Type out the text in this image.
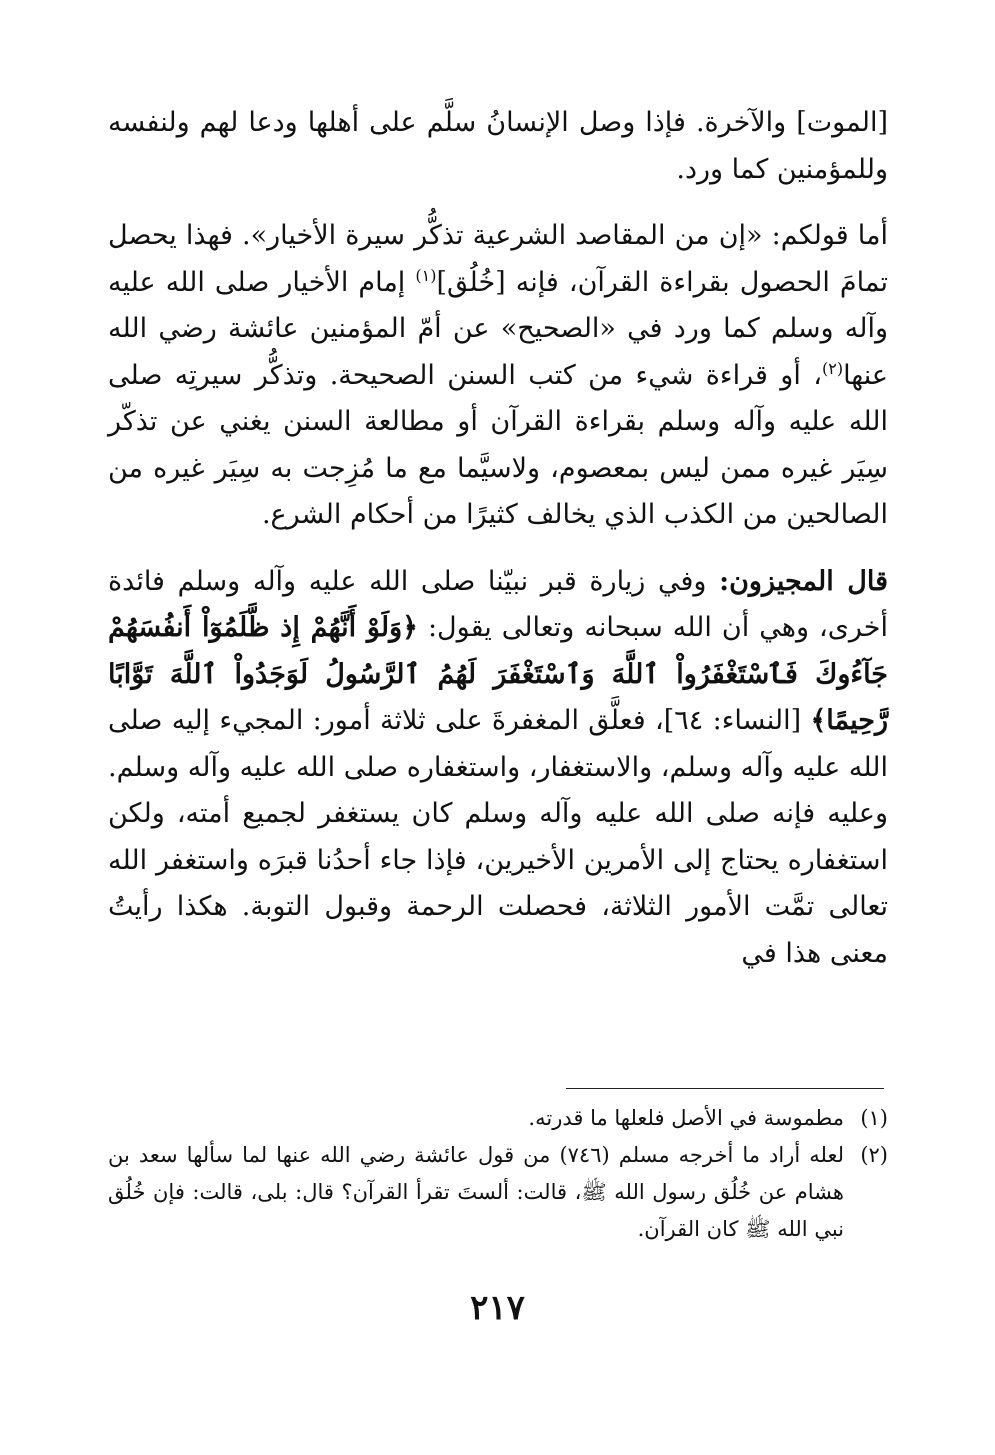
[الموت] والآخرة. فإذا وصل الإنسانُ سلَّم على أهلها ودعا لهم ولنفسه وللمؤمنين كما ورد.

أما قولكم: «إن من المقاصد الشرعية تذكُّر سيرة الأخيار». فهذا يحصل تمامَ الحصول بقراءة القرآن، فإنه [خُلُق]$^{(١)}$ إمام الأخيار صلى الله عليه وآله وسلم كما ورد في «الصحيح» عن أمّ المؤمنين عائشة رضي الله عنها$^{(٢)}$، أو قراءة شيء من كتب السنن الصحيحة. وتذكُّر سيرتِه صلى الله عليه وآله وسلم بقراءة القرآن أو مطالعة السنن يغني عن تذكّر سِيَر غيره ممن ليس بمعصوم، ولاسيَّما مع ما مُزِجت به سِيَر غيره من الصالحين من الكذب الذي يخالف كثيرًا من أحكام الشرع.

قال المجيزون: وفي زيارة قبر نبيّنا صلى الله عليه وآله وسلم فائدة أخرى، وهي أن الله سبحانه وتعالى يقول: ﴿وَلَوْ أَنَّهُمْ إِذ ظَّلَمُوٓاْ أَنفُسَهُمْ جَآءُوكَ فَٱسْتَغْفَرُواْ ٱللَّهَ وَٱسْتَغْفَرَ لَهُمُ ٱلرَّسُولُ لَوَجَدُواْ ٱللَّهَ تَوَّابًا رَّحِيمًا﴾ [النساء: ٦٤]، فعلَّق المغفرةَ على ثلاثة أمور: المجيء إليه صلى الله عليه وآله وسلم، والاستغفار، واستغفاره صلى الله عليه وآله وسلم. وعليه فإنه صلى الله عليه وآله وسلم كان يستغفر لجميع أمته، ولكن استغفاره يحتاج إلى الأمرين الأخيرين، فإذا جاء أحدُنا قبرَه واستغفر الله تعالى تمَّت الأمور الثلاثة، فحصلت الرحمة وقبول التوبة. هكذا رأيتُ معنى هذا في

(١)
مطموسة في الأصل فلعلها ما قدرته.
(٢)
لعله أراد ما أخرجه مسلم (٧٤٦) من قول عائشة رضي الله عنها لما سألها سعد بن هشام عن خُلُق رسول الله ﷺ، قالت: ألستَ تقرأ القرآن؟ قال: بلى، قالت: فإن خُلُق نبي الله ﷺ كان القرآن.
٢١٧
